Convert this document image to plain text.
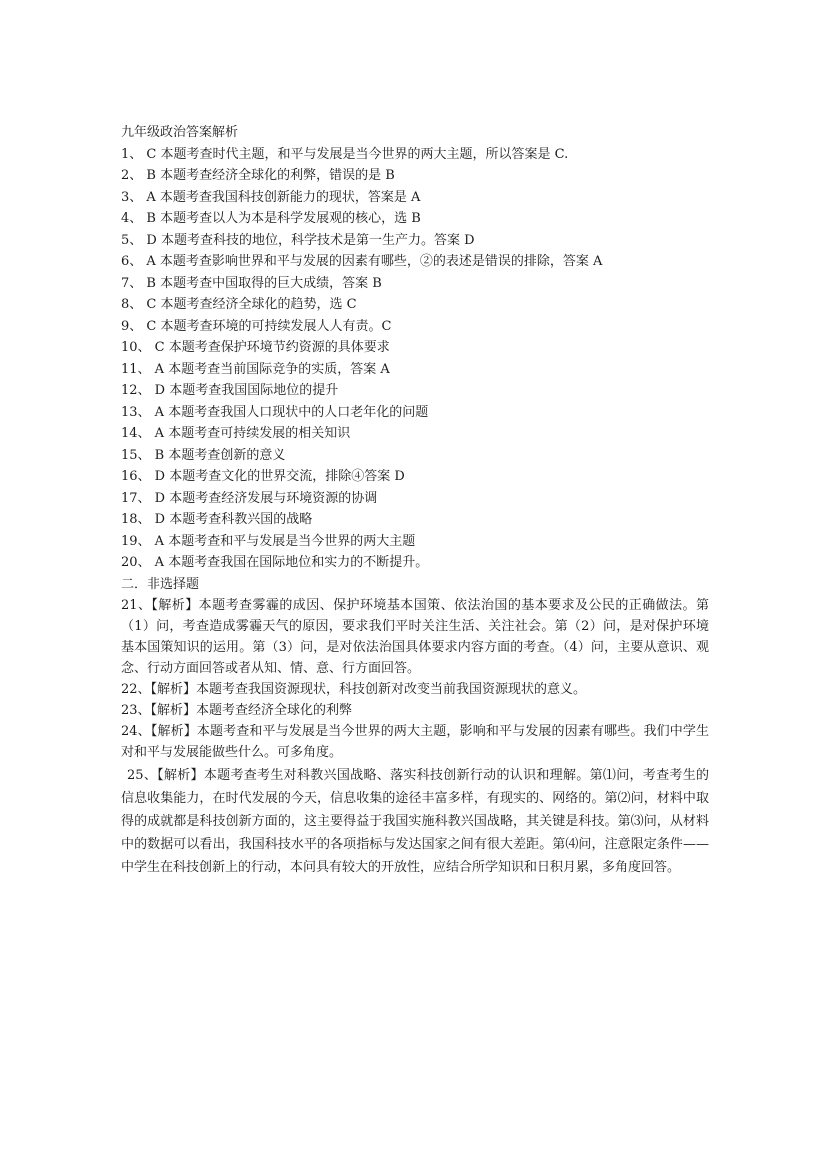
九年级政治答案解析
1、 C 本题考查时代主题，和平与发展是当今世界的两大主题，所以答案是 C.
2、 B 本题考查经济全球化的利弊，错误的是 B
3、 A 本题考查我国科技创新能力的现状，答案是 A
4、 B 本题考查以人为本是科学发展观的核心，选 B
5、 D 本题考查科技的地位，科学技术是第一生产力。答案 D
6、 A 本题考查影响世界和平与发展的因素有哪些，②的表述是错误的排除，答案 A
7、 B 本题考查中国取得的巨大成绩，答案 B
8、 C 本题考查经济全球化的趋势，选 C
9、 C 本题考查环境的可持续发展人人有责。C
10、 C 本题考查保护环境节约资源的具体要求
11、 A 本题考查当前国际竞争的实质，答案 A
12、 D 本题考查我国国际地位的提升
13、 A 本题考查我国人口现状中的人口老年化的问题
14、 A 本题考查可持续发展的相关知识
15、 B 本题考查创新的意义
16、 D 本题考查文化的世界交流，排除④答案 D
17、 D 本题考查经济发展与环境资源的协调
18、 D 本题考查科教兴国的战略
19、 A 本题考查和平与发展是当今世界的两大主题
20、 A 本题考查我国在国际地位和实力的不断提升。
二．非选择题
21、【解析】本题考查雾霾的成因、保护环境基本国策、依法治国的基本要求及公民的正确做法。第（1）问，考查造成雾霾天气的原因，要求我们平时关注生活、关注社会。第（2）问，是对保护环境基本国策知识的运用。第（3）问，是对依法治国具体要求内容方面的考查。（4）问，主要从意识、观念、行动方面回答或者从知、情、意、行方面回答。
22、【解析】本题考查我国资源现状，科技创新对改变当前我国资源现状的意义。
23、【解析】本题考查经济全球化的利弊
24、【解析】本题考查和平与发展是当今世界的两大主题，影响和平与发展的因素有哪些。我们中学生对和平与发展能做些什么。可多角度。
25、【解析】本题考查考生对科教兴国战略、落实科技创新行动的认识和理解。第⑴问，考查考生的信息收集能力，在时代发展的今天，信息收集的途径丰富多样，有现实的、网络的。第⑵问，材料中取得的成就都是科技创新方面的，这主要得益于我国实施科教兴国战略，其关键是科技。第⑶问，从材料中的数据可以看出，我国科技水平的各项指标与发达国家之间有很大差距。第⑷问，注意限定条件——中学生在科技创新上的行动，本问具有较大的开放性，应结合所学知识和日积月累，多角度回答。
